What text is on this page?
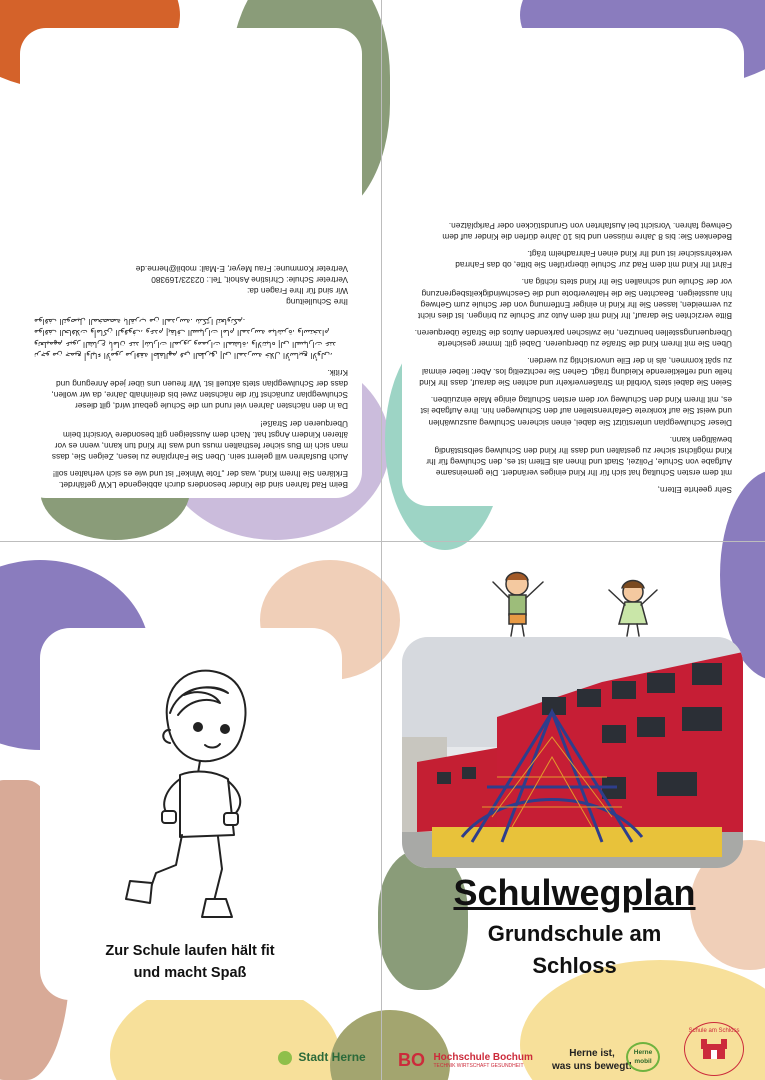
Beim Rad fahren sind die Kinder besonders durch abbiegende LKW gefährdet. Erklären Sie Ihrem Kind, was der „Tote Winkel“ ist und wie es sich verhalten soll!

Auch Busfahren will gelernt sein. Üben Sie Fahrpläne zu lesen, Zeigen Sie, dass man sich im Bus sicher festhalten muss und was Ihr Kind tun kann, wenn es vor älteren Kindern Angst hat. Nach dem Aussteigen gilt besondere Vorsicht beim Überqueren der Straße!

Da in den nächsten Jahren viel rund um die Schule gebaut wird, gilt dieser Schulwegplan zunächst für die nächsten zwei bis dreiinhalb Jahre, da wir wollen, dass der Schulwegplan stets aktuell ist. Wir freuen uns über jede Anregung und Kritik.

نرجو من جميع أولياء الأمور مرافقة أطفالهم في الطريق إلى المدرسة خلال الأسابيع الأولى، وتعليمهم عبور الشارع بأمان عند إشارات المرور وممرات المشاة، والانتباه إلى السيارات عند مواقف الحافلات وأماكن الوقوف، وعدم إيقاف السيارات أمام المدرسة مباشرة، واستخدام مواقف التوصيل المخصصة بالقرب من المدرسة. شكرًا لتعاونكم.

Ihre Schulleitung
Wir sind für Ihre Fragen da:
Vertreter Schule: Christine Ashoit, Tel.: 02323/169380
Vertreter Kommune: Frau Meyer, E-Mail: mobil@herne.de

Sehr geehrte Eltern,

mit dem ersten Schultag hat sich für Ihr Kind einiges verändert. Die gemeinsame Aufgabe von Schule, Polizei, Stadt und Ihnen als Eltern ist es, den Schulweg für Ihr Kind möglichst sicher zu gestalten und dass Ihr Kind den Schulweg selbstständig bewältigen kann.

Dieser Schulwegplan unterstützt Sie dabei, einen sicheren Schulweg auszuwählen und weist Sie auf konkrete Gefahrenstellen auf den Schulwegen hin. Ihre Aufgabe ist es, mit Ihrem Kind den Schulweg vor dem ersten Schultag einige Male einzuüben.

Seien Sie dabei stets Vorbild im Straßenverkehr und achten Sie darauf, dass Ihr Kind helle und reflektierende Kleidung trägt. Gehen Sie rechtzeitig los. Aber: lieber einmal zu spät kommen, als in der Eile unvorsichtig zu werden.

Üben Sie mit Ihrem Kind die Straße zu überqueren. Dabei gilt: Immer gesicherte Überquerungsstellen benutzen, nie zwischen parkenden Autos die Straße überqueren.

Bitte verzichten Sie darauf, Ihr Kind mit dem Auto zur Schule zu bringen. Ist dies nicht zu vermeiden, lassen Sie Ihr Kind in einiger Entfernung von der Schule zum Gehweg hin aussteigen. Beachten Sie die Halteverbote und die Geschwindigkeitsbegrenzung vor der Schule und schnallen Sie Ihr Kind stets richtig an.

Fährt Ihr Kind mit dem Rad zur Schule überprüfen Sie bitte, ob das Fahrrad verkehrssicher ist und Ihr Kind einen Fahrradhelm trägt.

Bedenken Sie: bis 8 Jahre müssen und bis 10 Jahre dürfen die Kinder auf dem Gehweg fahren. Vorsicht bei Ausfahrten von Grundstücken oder Parkplätzen.

Zur Schule laufen hält fit
und macht Spaß
Schulwegplan
Grundschule am
Schloss
Stadt Herne BO Hochschule Bochum
TECHNIK WIRTSCHAFT GESUNDHEIT
Herne ist,
was uns bewegt!
Herne
mobil
Schule am Schloss
